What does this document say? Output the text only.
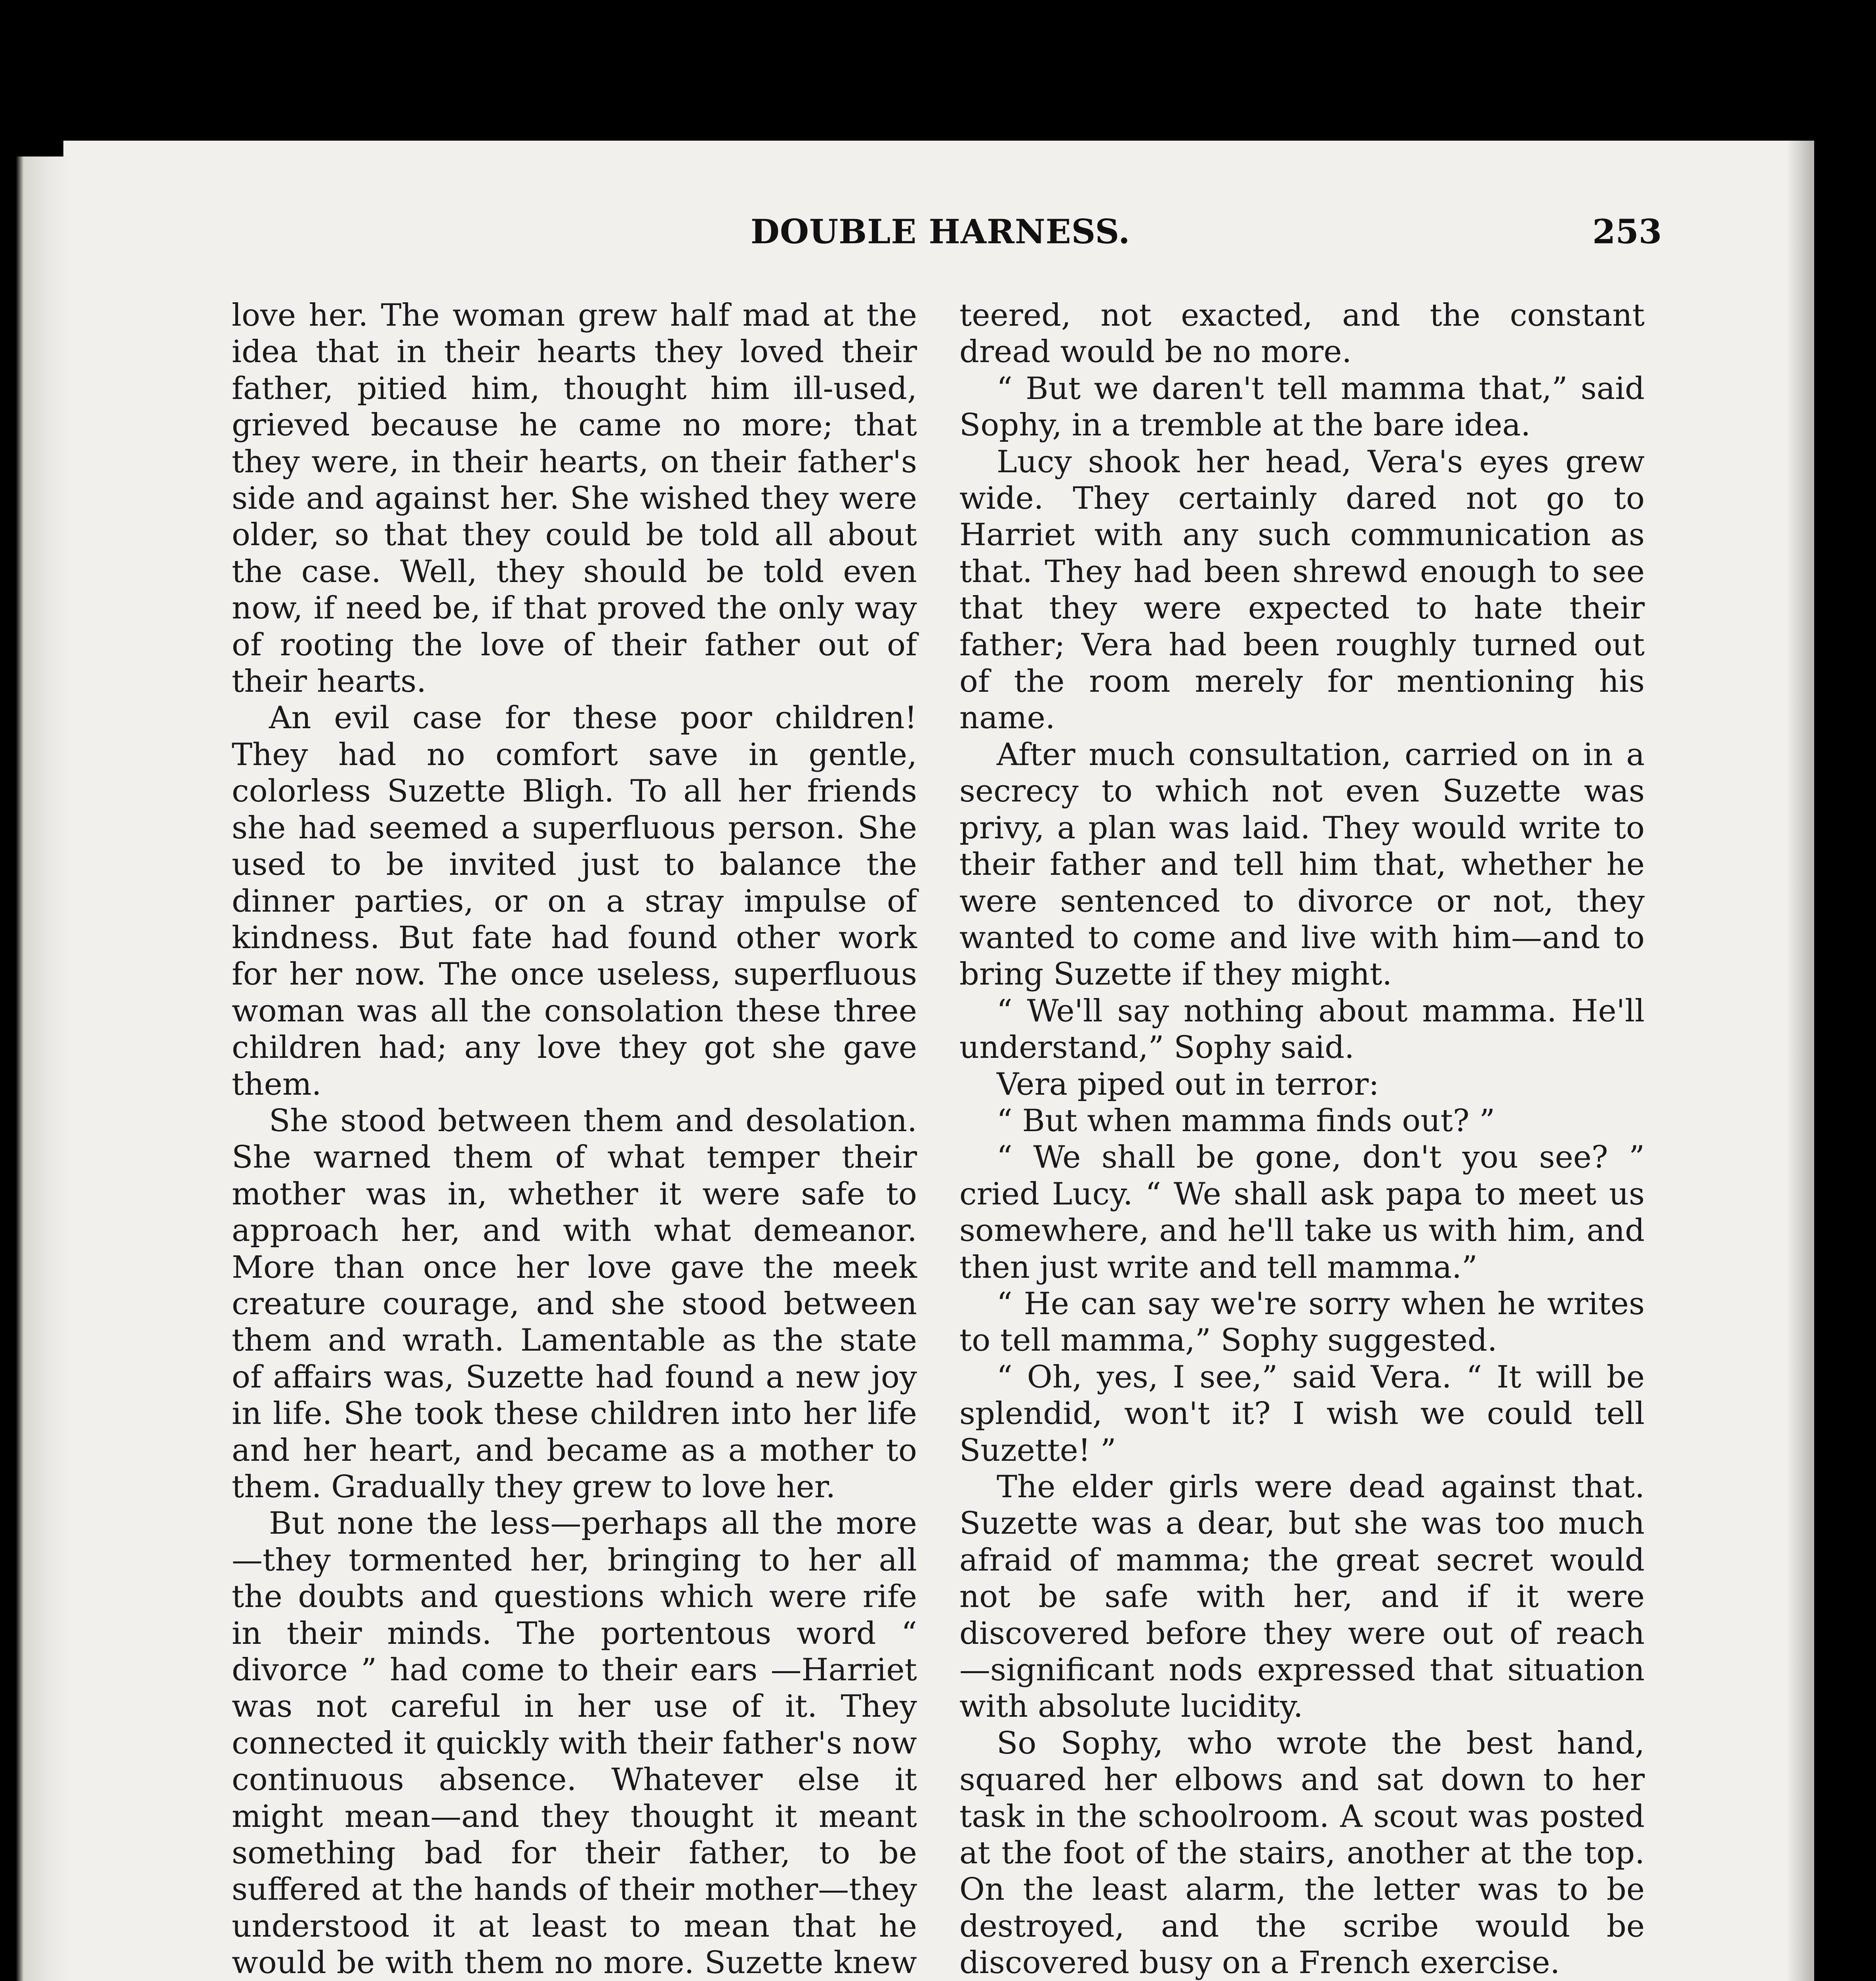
DOUBLE HARNESS.	253

love her. The woman grew half mad at the idea that in their hearts they loved their father, pitied him, thought him ill-used, grieved because he came no more; that they were, in their hearts, on their father's side and against her. She wished they were older, so that they could be told all about the case. Well, they should be told even now, if need be, if that proved the only way of rooting the love of their father out of their hearts.

An evil case for these poor children! They had no comfort save in gentle, colorless Suzette Bligh. To all her friends she had seemed a superfluous person. She used to be invited just to balance the dinner parties, or on a stray impulse of kindness. But fate had found other work for her now. The once useless, superfluous woman was all the consolation these three children had; any love they got she gave them.

She stood between them and desolation. She warned them of what temper their mother was in, whether it were safe to approach her, and with what demeanor. More than once her love gave the meek creature courage, and she stood between them and wrath. Lamentable as the state of affairs was, Suzette had found a new joy in life. She took these children into her life and her heart, and became as a mother to them. Gradually they grew to love her.

But none the less—perhaps all the more—they tormented her, bringing to her all the doubts and questions which were rife in their minds. The portentous word “ divorce ” had come to their ears —Harriet was not careful in her use of it. They connected it quickly with their father's now continuous absence. Whatever else it might mean—and they thought it meant something bad for their father, to be suffered at the hands of their mother—they understood it at least to mean that he would be with them no more. Suzette knew

teered, not exacted, and the constant dread would be no more.

“ But we daren't tell mamma that,” said Sophy, in a tremble at the bare idea.

Lucy shook her head, Vera's eyes grew wide. They certainly dared not go to Harriet with any such communication as that. They had been shrewd enough to see that they were expected to hate their father; Vera had been roughly turned out of the room merely for mentioning his name.

After much consultation, carried on in a secrecy to which not even Suzette was privy, a plan was laid. They would write to their father and tell him that, whether he were sentenced to divorce or not, they wanted to come and live with him—and to bring Suzette if they might.

“ We'll say nothing about mamma. He'll understand,” Sophy said.

Vera piped out in terror:

“ But when mamma finds out? ”

“ We shall be gone, don't you see? ” cried Lucy. “ We shall ask papa to meet us somewhere, and he'll take us with him, and then just write and tell mamma.”

“ He can say we're sorry when he writes to tell mamma,” Sophy suggested.

“ Oh, yes, I see,” said Vera. “ It will be splendid, won't it? I wish we could tell Suzette! ”

The elder girls were dead against that. Suzette was a dear, but she was too much afraid of mamma; the great secret would not be safe with her, and if it were discovered before they were out of reach —significant nods expressed that situation with absolute lucidity.

So Sophy, who wrote the best hand, squared her elbows and sat down to her task in the schoolroom. A scout was posted at the foot of the stairs, another at the top. On the least alarm, the letter was to be destroyed, and the scribe would be discovered busy on a French exercise.
